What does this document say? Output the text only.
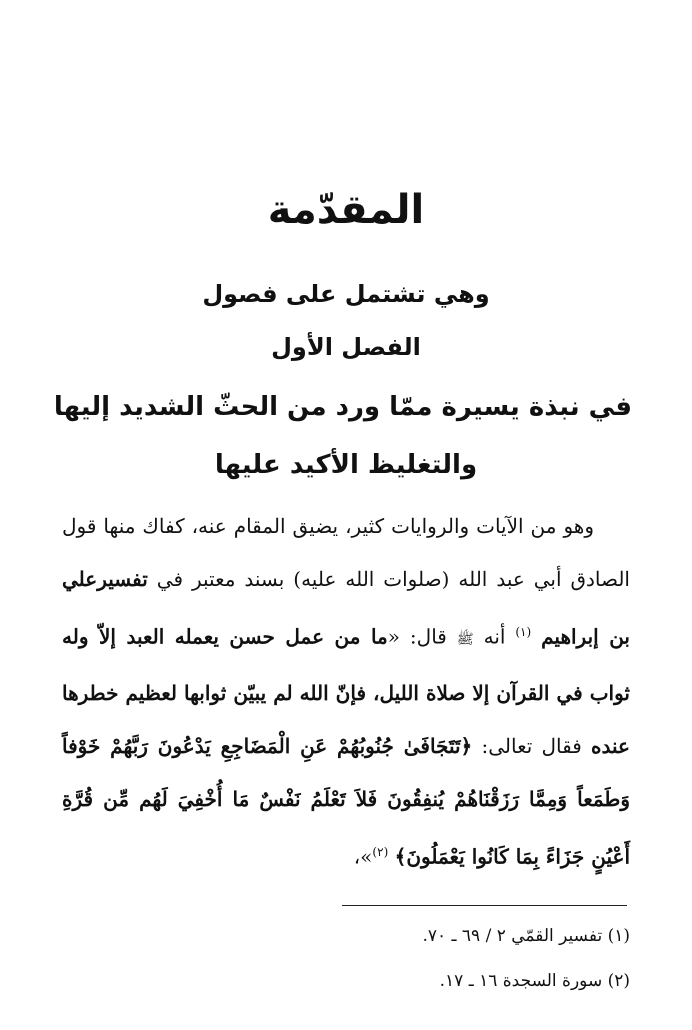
المقدّمة
وهي تشتمل على فصول
الفصل الأول
في نبذة يسيرة ممّا ورد من الحثّ الشديد إليها
والتغليظ الأكيد عليها

وهو من الآيات والروايات كثير، يضيق المقام عنه، كفاك منها قول الصادق أبي عبد الله (صلوات الله عليه) بسند معتبر في تفسيرعلي بن إبراهيم $^{(١)}$ أنه ﷺ قال: «ما من عمل حسن يعمله العبد إلاّ وله ثواب في القرآن إلا صلاة الليل، فإنّ الله لم يبيّن ثوابها لعظيم خطرها عنده فقال تعالى: ﴿تَتَجَافَىٰ جُنُوبُهُمْ عَنِ الْمَضَاجِعِ يَدْعُونَ رَبَّهُمْ خَوْفاً وَطَمَعاً وَمِمَّا رَزَقْنَاهُمْ يُنفِقُونَ فَلاَ تَعْلَمُ نَفْسٌ مَا أُخْفِيَ لَهُم مِّن قُرَّةِ أَعْيُنٍ جَزَاءً بِمَا كَانُوا يَعْمَلُونَ﴾ $^{(٢)}$»،

(١) تفسير القمّي ٢ / ٦٩ ـ ٧٠.
(٢) سورة السجدة ١٦ ـ ١٧.
